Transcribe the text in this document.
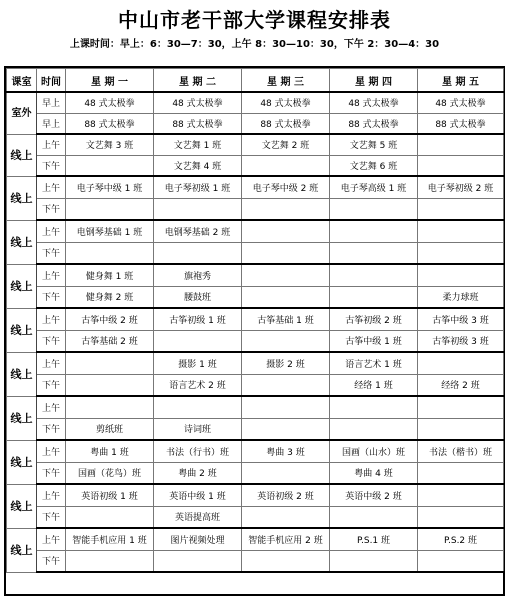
中山市老干部大学课程安排表
上课时间：早上：6：30—7：30，上午 8：30—10：30，下午 2：30—4：30
课室	时间	星 期 一	星 期 二	星 期 三	星 期 四	星 期 五
室外	早上	48 式太极拳	48 式太极拳	48 式太极拳	48 式太极拳	48 式太极拳
	早上	88 式太极拳	88 式太极拳	88 式太极拳	88 式太极拳	88 式太极拳
线上	上午	文艺舞 3 班	文艺舞 1 班	文艺舞 2 班	文艺舞 5 班	
	下午		文艺舞 4 班		文艺舞 6 班	
线上	上午	电子琴中级 1 班	电子琴初级 1 班	电子琴中级 2 班	电子琴高级 1 班	电子琴初级 2 班
	下午					
线上	上午	电钢琴基础 1 班	电钢琴基础 2 班			
	下午					
线上	上午	健身舞 1 班	旗袍秀			
	下午	健身舞 2 班	腰鼓班			柔力球班
线上	上午	古筝中级 2 班	古筝初级 1 班	古筝基础 1 班	古筝初级 2 班	古筝中级 3 班
	下午	古筝基础 2 班			古筝中级 1 班	古筝初级 3 班
线上	上午		摄影 1 班	摄影 2 班	语言艺术 1 班	
	下午		语言艺术 2 班		经络 1 班	经络 2 班
线上	上午					
	下午	剪纸班	诗词班			
线上	上午	粤曲 1 班	书法（行书）班	粤曲 3 班	国画（山水）班	书法（楷书）班
	下午	国画（花鸟）班	粤曲 2 班		粤曲 4 班	
线上	上午	英语初级 1 班	英语中级 1 班	英语初级 2 班	英语中级 2 班	
	下午		英语提高班			
线上	上午	智能手机应用 1 班	图片视频处理	智能手机应用 2 班	P.S.1 班	P.S.2 班
	下午					
